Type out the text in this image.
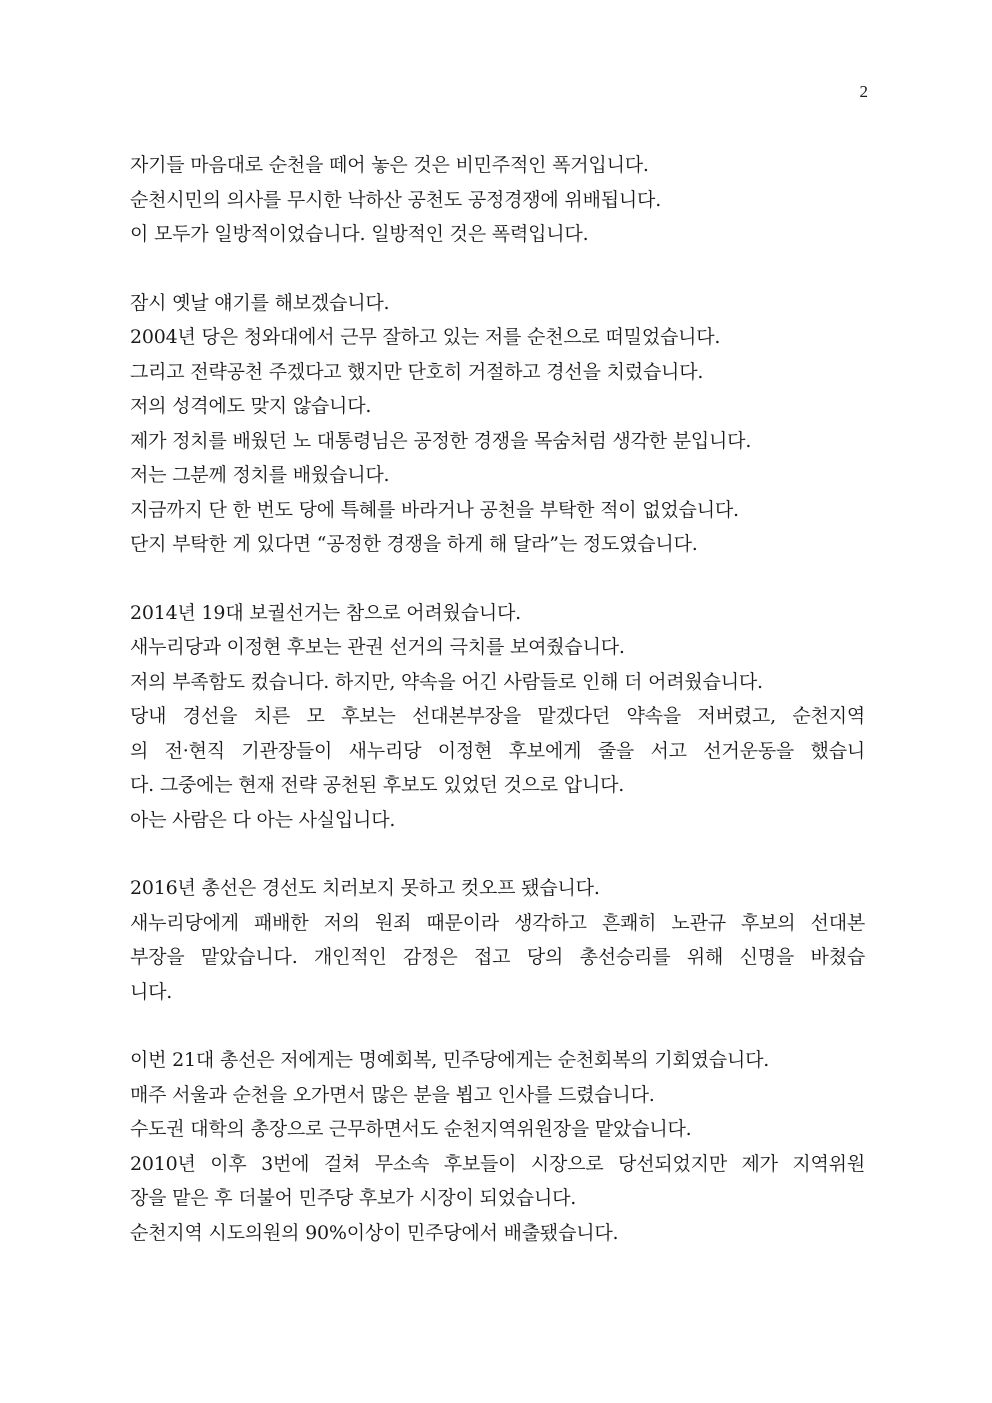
2
자기들 마음대로 순천을 떼어 놓은 것은 비민주적인 폭거입니다.
순천시민의 의사를 무시한 낙하산 공천도 공정경쟁에 위배됩니다.
이 모두가 일방적이었습니다. 일방적인 것은 폭력입니다.
잠시 옛날 얘기를 해보겠습니다.
2004년 당은 청와대에서 근무 잘하고 있는 저를 순천으로 떠밀었습니다.
그리고 전략공천 주겠다고 했지만 단호히 거절하고 경선을 치렀습니다.
저의 성격에도 맞지 않습니다.
제가 정치를 배웠던 노 대통령님은 공정한 경쟁을 목숨처럼 생각한 분입니다.
저는 그분께 정치를 배웠습니다.
지금까지 단 한 번도 당에 특혜를 바라거나 공천을 부탁한 적이 없었습니다.
단지 부탁한 게 있다면 “공정한 경쟁을 하게 해 달라”는 정도였습니다.
2014년 19대 보궐선거는 참으로 어려웠습니다.
새누리당과 이정현 후보는 관권 선거의 극치를 보여줬습니다.
저의 부족함도 컸습니다. 하지만, 약속을 어긴 사람들로 인해 더 어려웠습니다.
당내 경선을 치른 모 후보는 선대본부장을 맡겠다던 약속을 저버렸고, 순천지역
의 전·현직 기관장들이 새누리당 이정현 후보에게 줄을 서고 선거운동을 했습니
다. 그중에는 현재 전략 공천된 후보도 있었던 것으로 압니다.
아는 사람은 다 아는 사실입니다.
2016년 총선은 경선도 치러보지 못하고 컷오프 됐습니다.
새누리당에게 패배한 저의 원죄 때문이라 생각하고 흔쾌히 노관규 후보의 선대본
부장을 맡았습니다. 개인적인 감정은 접고 당의 총선승리를 위해 신명을 바쳤습
니다.
이번 21대 총선은 저에게는 명예회복, 민주당에게는 순천회복의 기회였습니다.
매주 서울과 순천을 오가면서 많은 분을 뵙고 인사를 드렸습니다.
수도권 대학의 총장으로 근무하면서도 순천지역위원장을 맡았습니다.
2010년 이후 3번에 걸쳐 무소속 후보들이 시장으로 당선되었지만 제가 지역위원
장을 맡은 후 더불어 민주당 후보가 시장이 되었습니다.
순천지역 시도의원의 90%이상이 민주당에서 배출됐습니다.
